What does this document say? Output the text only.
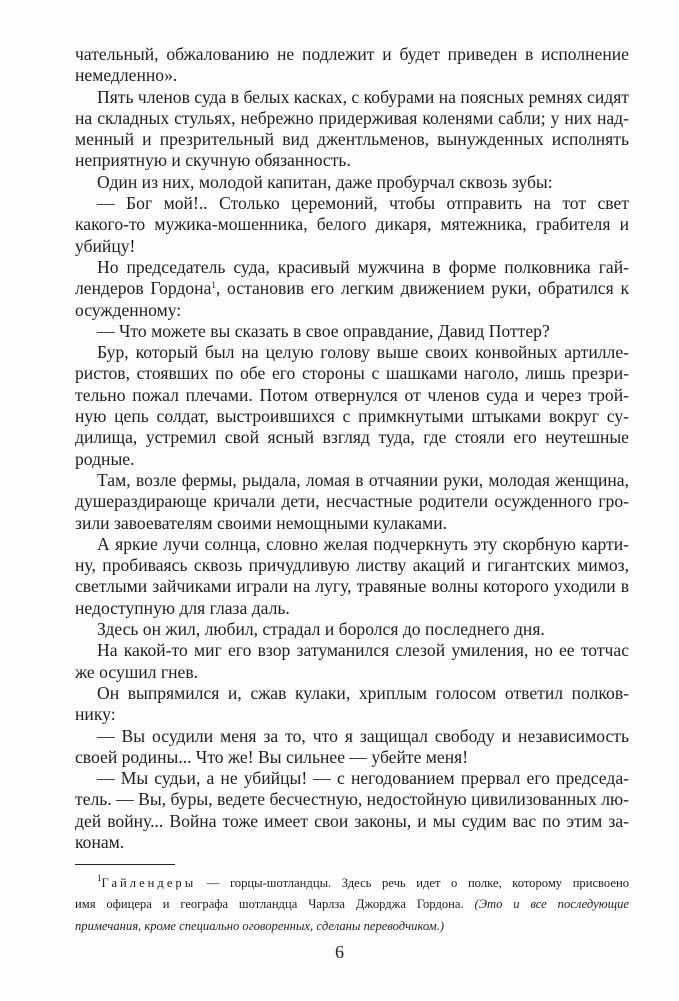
чательный, обжалованию не подлежит и будет приведен в исполнение
немедленно».
Пять членов суда в белых касках, с кобурами на поясных ремнях сидят
на складных стульях, небрежно придерживая коленями сабли; у них над-
менный и презрительный вид джентльменов, вынужденных исполнять
неприятную и скучную обязанность.
Один из них, молодой капитан, даже пробурчал сквозь зубы:
— Бог мой!.. Столько церемоний, чтобы отправить на тот свет
какого-то мужика-мошенника, белого дикаря, мятежника, грабителя и
убийцу!
Но председатель суда, красивый мужчина в форме полковника гай-
лендеров Гордона$^1$, остановив его легким движением руки, обратился к
осужденному:
— Что можете вы сказать в свое оправдание, Давид Поттер?
Бур, который был на целую голову выше своих конвойных артилле-
ристов, стоявших по обе его стороны с шашками наголо, лишь презри-
тельно пожал плечами. Потом отвернулся от членов суда и через трой-
ную цепь солдат, выстроившихся с примкнутыми штыками вокруг су-
дилища, устремил свой ясный взгляд туда, где стояли его неутешные
родные.
Там, возле фермы, рыдала, ломая в отчаянии руки, молодая женщина,
душераздирающе кричали дети, несчастные родители осужденного гро-
зили завоевателям своими немощными кулаками.
А яркие лучи солнца, словно желая подчеркнуть эту скорбную карти-
ну, пробиваясь сквозь причудливую листву акаций и гигантских мимоз,
светлыми зайчиками играли на лугу, травяные волны которого уходили в
недоступную для глаза даль.
Здесь он жил, любил, страдал и боролся до последнего дня.
На какой-то миг его взор затуманился слезой умиления, но ее тотчас
же осушил гнев.
Он выпрямился и, сжав кулаки, хриплым голосом ответил полков-
нику:
— Вы осудили меня за то, что я защищал свободу и независимость
своей родины... Что же! Вы сильнее — убейте меня!
— Мы судьи, а не убийцы! — с негодованием прервал его председа-
тель. — Вы, буры, ведете бесчестную, недостойную цивилизованных лю-
дей войну... Война тоже имеет свои законы, и мы судим вас по этим за-
конам.
$^1$Гайлендеры — горцы-шотландцы. Здесь речь идет о полке, которому присвоено
имя офицера и географа шотландца Чарлза Джорджа Гордона. (Это и все последующие
примечания, кроме специально оговоренных, сделаны переводчиком.)
6
